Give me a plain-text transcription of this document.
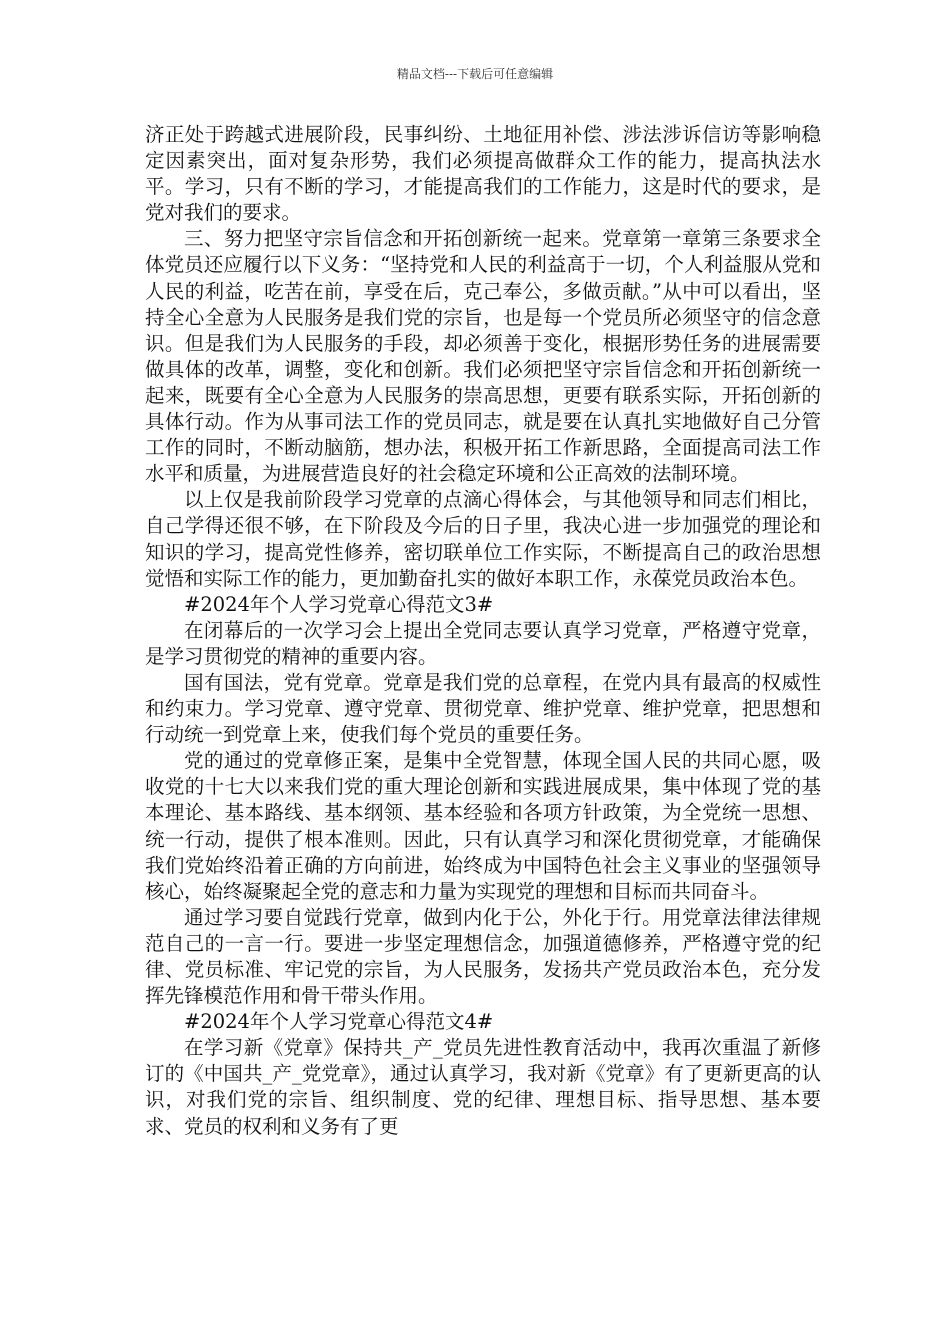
精品文档---下载后可任意编辑

济正处于跨越式进展阶段，民事纠纷、土地征用补偿、涉法涉诉信访等影响稳定因素突出，面对复杂形势，我们必须提高做群众工作的能力，提高执法水平。学习，只有不断的学习，才能提高我们的工作能力，这是时代的要求，是党对我们的要求。

三、努力把坚守宗旨信念和开拓创新统一起来。党章第一章第三条要求全体党员还应履行以下义务：“坚持党和人民的利益高于一切，个人利益服从党和人民的利益，吃苦在前，享受在后，克己奉公，多做贡献。”从中可以看出，坚持全心全意为人民服务是我们党的宗旨，也是每一个党员所必须坚守的信念意识。但是我们为人民服务的手段，却必须善于变化，根据形势任务的进展需要做具体的改革，调整，变化和创新。我们必须把坚守宗旨信念和开拓创新统一起来，既要有全心全意为人民服务的崇高思想，更要有联系实际，开拓创新的具体行动。作为从事司法工作的党员同志，就是要在认真扎实地做好自己分管工作的同时，不断动脑筋，想办法，积极开拓工作新思路，全面提高司法工作水平和质量，为进展营造良好的社会稳定环境和公正高效的法制环境。

以上仅是我前阶段学习党章的点滴心得体会，与其他领导和同志们相比，自己学得还很不够，在下阶段及今后的日子里，我决心进一步加强党的理论和知识的学习，提高党性修养，密切联单位工作实际，不断提高自己的政治思想觉悟和实际工作的能力，更加勤奋扎实的做好本职工作，永葆党员政治本色。

#2024年个人学习党章心得范文3#

在闭幕后的一次学习会上提出全党同志要认真学习党章，严格遵守党章，是学习贯彻党的精神的重要内容。

国有国法，党有党章。党章是我们党的总章程，在党内具有最高的权威性和约束力。学习党章、遵守党章、贯彻党章、维护党章、维护党章，把思想和行动统一到党章上来，使我们每个党员的重要任务。

党的通过的党章修正案，是集中全党智慧，体现全国人民的共同心愿，吸收党的十七大以来我们党的重大理论创新和实践进展成果，集中体现了党的基本理论、基本路线、基本纲领、基本经验和各项方针政策，为全党统一思想、统一行动，提供了根本准则。因此，只有认真学习和深化贯彻党章，才能确保我们党始终沿着正确的方向前进，始终成为中国特色社会主义事业的坚强领导核心，始终凝聚起全党的意志和力量为实现党的理想和目标而共同奋斗。

通过学习要自觉践行党章，做到内化于公，外化于行。用党章法律法律规范自己的一言一行。要进一步坚定理想信念，加强道德修养，严格遵守党的纪律、党员标准、牢记党的宗旨，为人民服务，发扬共产党员政治本色，充分发挥先锋模范作用和骨干带头作用。

#2024年个人学习党章心得范文4#

在学习新《党章》保持共_产_党员先进性教育活动中，我再次重温了新修订的《中国共_产_党党章》，通过认真学习，我对新《党章》有了更新更高的认识，对我们党的宗旨、组织制度、党的纪律、理想目标、指导思想、基本要求、党员的权利和义务有了更
